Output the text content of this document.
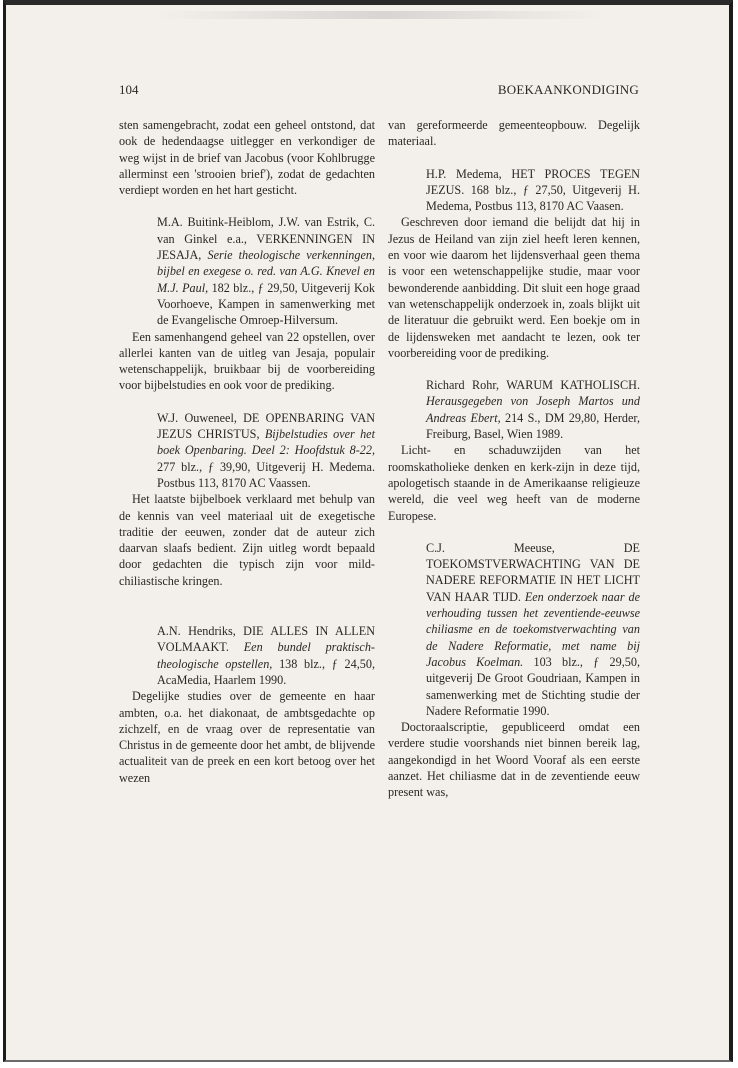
104	BOEKAANKONDIGING

sten samengebracht, zodat een geheel ontstond, dat ook de hedendaagse uitlegger en verkondiger de weg wijst in de brief van Jacobus (voor Kohlbrugge allerminst een 'strooien brief'), zodat de gedachten verdiept worden en het hart gesticht.

M.A. Buitink-Heiblom, J.W. van Estrik, C. van Ginkel e.a., VERKENNINGEN IN JESAJA, Serie theologische verkenningen, bijbel en exegese o. red. van A.G. Knevel en M.J. Paul, 182 blz., ƒ 29,50, Uitgeverij Kok Voorhoeve, Kampen in samenwerking met de Evangelische Omroep-Hilversum.

Een samenhangend geheel van 22 opstellen, over allerlei kanten van de uitleg van Jesaja, populair wetenschappelijk, bruikbaar bij de voorbereiding voor bijbelstudies en ook voor de prediking.

W.J. Ouweneel, DE OPENBARING VAN JEZUS CHRISTUS, Bijbelstudies over het boek Openbaring. Deel 2: Hoofdstuk 8-22, 277 blz., ƒ 39,90, Uitgeverij H. Medema. Postbus 113, 8170 AC Vaassen.

Het laatste bijbelboek verklaard met behulp van de kennis van veel materiaal uit de exegetische traditie der eeuwen, zonder dat de auteur zich daarvan slaafs bedient. Zijn uitleg wordt bepaald door gedachten die typisch zijn voor mild-chiliastische kringen.

A.N. Hendriks, DIE ALLES IN ALLEN VOLMAAKT. Een bundel praktisch-theologische opstellen, 138 blz., ƒ 24,50, AcaMedia, Haarlem 1990.

Degelijke studies over de gemeente en haar ambten, o.a. het diakonaat, de ambtsgedachte op zichzelf, en de vraag over de representatie van Christus in de gemeente door het ambt, de blijvende actualiteit van de preek en een kort betoog over het wezen

van gereformeerde gemeenteopbouw. Degelijk materiaal.

H.P. Medema, HET PROCES TEGEN JEZUS. 168 blz., ƒ 27,50, Uitgeverij H. Medema, Postbus 113, 8170 AC Vaasen.

Geschreven door iemand die belijdt dat hij in Jezus de Heiland van zijn ziel heeft leren kennen, en voor wie daarom het lijdensverhaal geen thema is voor een wetenschappelijke studie, maar voor bewonderende aanbidding. Dit sluit een hoge graad van wetenschappelijk onderzoek in, zoals blijkt uit de literatuur die gebruikt werd. Een boekje om in de lijdensweken met aandacht te lezen, ook ter voorbereiding voor de prediking.

Richard Rohr, WARUM KATHOLISCH. Herausgegeben von Joseph Martos und Andreas Ebert, 214 S., DM 29,80, Herder, Freiburg, Basel, Wien 1989.

Licht- en schaduwzijden van het roomskatholieke denken en kerk-zijn in deze tijd, apologetisch staande in de Amerikaanse religieuze wereld, die veel weg heeft van de moderne Europese.

C.J. Meeuse, DE TOEKOMSTVERWACHTING VAN DE NADERE REFORMATIE IN HET LICHT VAN HAAR TIJD. Een onderzoek naar de verhouding tussen het zeventiende-eeuwse chiliasme en de toekomstverwachting van de Nadere Reformatie, met name bij Jacobus Koelman. 103 blz., ƒ 29,50, uitgeverij De Groot Goudriaan, Kampen in samenwerking met de Stichting studie der Nadere Reformatie 1990.

Doctoraalscriptie, gepubliceerd omdat een verdere studie voorshands niet binnen bereik lag, aangekondigd in het Woord Vooraf als een eerste aanzet. Het chiliasme dat in de zeventiende eeuw present was,
